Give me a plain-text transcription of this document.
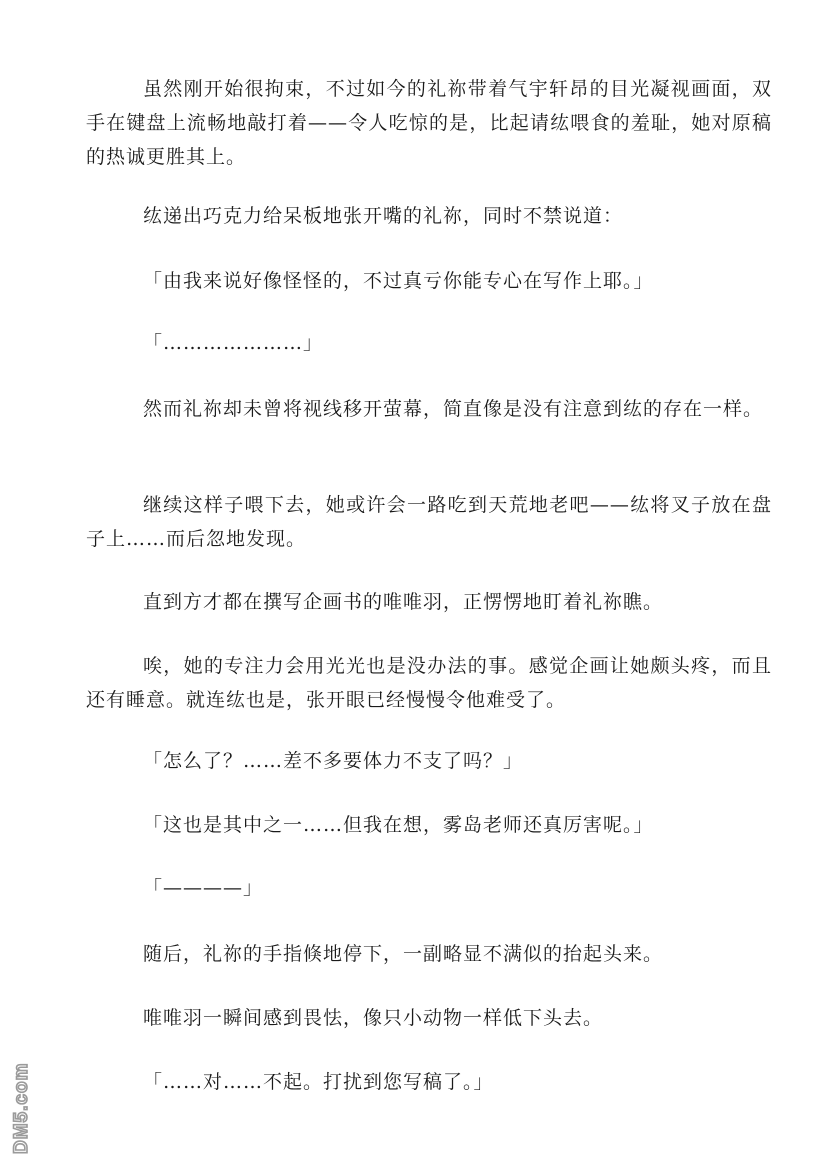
虽然刚开始很拘束，不过如今的礼祢带着气宇轩昂的目光凝视画面，双手在键盘上流畅地敲打着——令人吃惊的是，比起请纮喂食的羞耻，她对原稿的热诚更胜其上。

纮递出巧克力给呆板地张开嘴的礼祢，同时不禁说道：

「由我来说好像怪怪的，不过真亏你能专心在写作上耶。」

「…………………」

然而礼祢却未曾将视线移开萤幕，简直像是没有注意到纮的存在一样。

继续这样子喂下去，她或许会一路吃到天荒地老吧——纮将叉子放在盘子上……而后忽地发现。

直到方才都在撰写企画书的唯唯羽，正愣愣地盯着礼祢瞧。

唉，她的专注力会用光光也是没办法的事。感觉企画让她颇头疼，而且还有睡意。就连纮也是，张开眼已经慢慢令他难受了。

「怎么了？……差不多要体力不支了吗？」

「这也是其中之一……但我在想，雾岛老师还真厉害呢。」

「————」

随后，礼祢的手指倏地停下，一副略显不满似的抬起头来。

唯唯羽一瞬间感到畏怯，像只小动物一样低下头去。

「……对……不起。打扰到您写稿了。」

DM5.com
